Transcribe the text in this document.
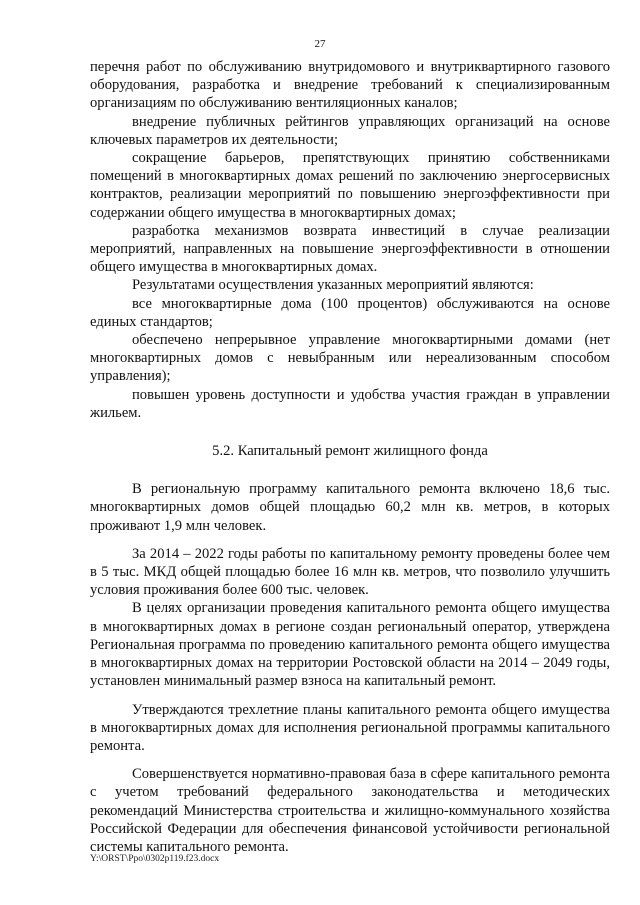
27

перечня работ по обслуживанию внутридомового и внутриквартирного газового оборудования, разработка и внедрение требований к специализированным организациям по обслуживанию вентиляционных каналов;

внедрение публичных рейтингов управляющих организаций на основе ключевых параметров их деятельности;

сокращение барьеров, препятствующих принятию собственниками помещений в многоквартирных домах решений по заключению энергосервисных контрактов, реализации мероприятий по повышению энергоэффективности при содержании общего имущества в многоквартирных домах;

разработка механизмов возврата инвестиций в случае реализации мероприятий, направленных на повышение энергоэффективности в отношении общего имущества в многоквартирных домах.

Результатами осуществления указанных мероприятий являются:

все многоквартирные дома (100 процентов) обслуживаются на основе единых стандартов;

обеспечено непрерывное управление многоквартирными домами (нет многоквартирных домов с невыбранным или нереализованным способом управления);

повышен уровень доступности и удобства участия граждан в управлении жильем.

5.2. Капитальный ремонт жилищного фонда

В региональную программу капитального ремонта включено 18,6 тыс. многоквартирных домов общей площадью 60,2 млн кв. метров, в которых проживают 1,9 млн человек.

За 2014 – 2022 годы работы по капитальному ремонту проведены более чем в 5 тыс. МКД общей площадью более 16 млн кв. метров, что позволило улучшить условия проживания более 600 тыс. человек.

В целях организации проведения капитального ремонта общего имущества в многоквартирных домах в регионе создан региональный оператор, утверждена Региональная программа по проведению капитального ремонта общего имущества в многоквартирных домах на территории Ростовской области на 2014 – 2049 годы, установлен минимальный размер взноса на капитальный ремонт.

Утверждаются трехлетние планы капитального ремонта общего имущества в многоквартирных домах для исполнения региональной программы капитального ремонта.

Совершенствуется нормативно-правовая база в сфере капитального ремонта с учетом требований федерального законодательства и методических рекомендаций Министерства строительства и жилищно-коммунального хозяйства Российской Федерации для обеспечения финансовой устойчивости региональной системы капитального ремонта.

Y:\ORST\Ppo\0302p119.f23.docx
